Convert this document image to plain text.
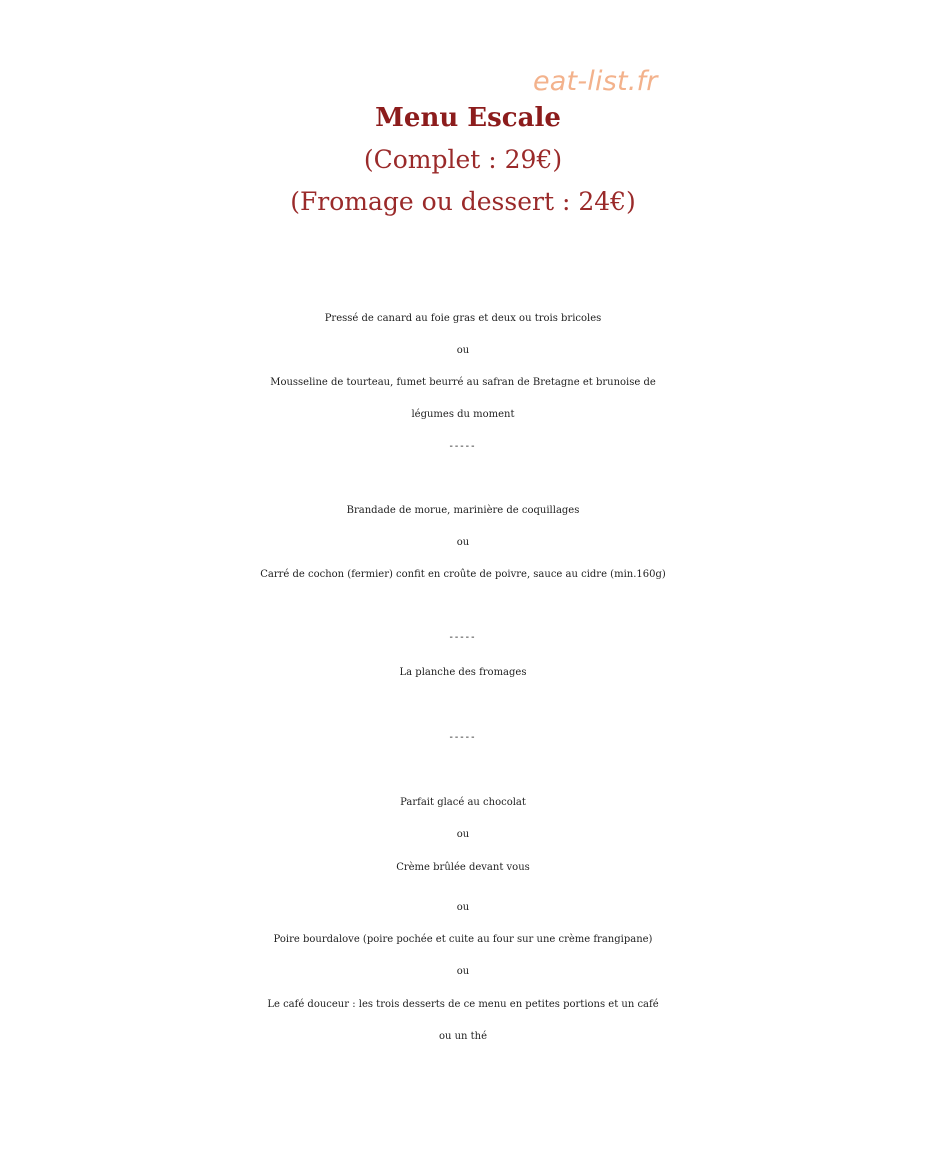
eat-list.fr
Menu Escale
(Complet : 29€)
(Fromage ou dessert : 24€)
Pressé de canard au foie gras et deux ou trois bricoles
ou
Mousseline de tourteau, fumet beurré au safran de Bretagne et brunoise de
légumes du moment
-----
Brandade de morue, marinière de coquillages
ou
Carré de cochon (fermier) confit en croûte de poivre, sauce au cidre (min.160g)
-----
La planche des fromages
-----
Parfait glacé au chocolat
ou
Crème brûlée devant vous
ou
Poire bourdalove (poire pochée et cuite au four sur une crème frangipane)
ou
Le café douceur : les trois desserts de ce menu en petites portions et un café
ou un thé
